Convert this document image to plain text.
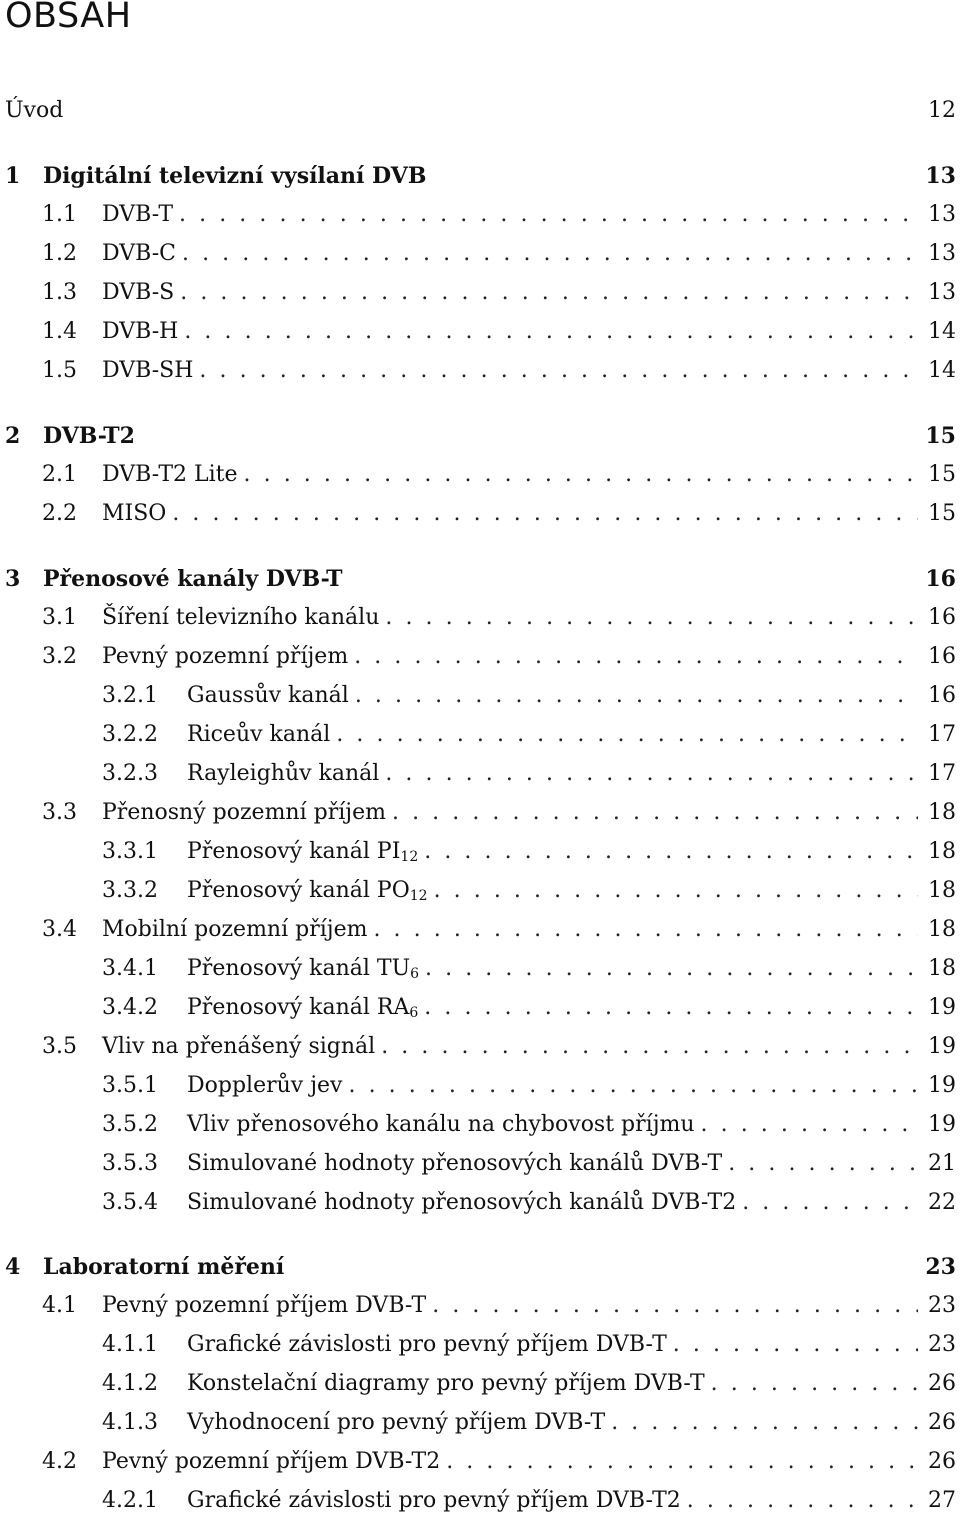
OBSAH
Úvod	12
1	Digitální televizní vysílaní DVB	13
1.1	DVB-T . . .	13
1.2	DVB-C . . .	13
1.3	DVB-S . . .	13
1.4	DVB-H . . .	14
1.5	DVB-SH . . .	14
2	DVB-T2	15
2.1	DVB-T2 Lite . . .	15
2.2	MISO . . .	15
3	Přenosové kanály DVB-T	16
3.1	Šíření televizního kanálu . . .	16
3.2	Pevný pozemní příjem . . .	16
3.2.1	Gaussův kanál . . .	16
3.2.2	Riceův kanál . . .	17
3.2.3	Rayleighův kanál . . .	17
3.3	Přenosný pozemní příjem . . .	18
3.3.1	Přenosový kanál $PI_{12}$ . . .	18
3.3.2	Přenosový kanál $PO_{12}$ . . .	18
3.4	Mobilní pozemní příjem . . .	18
3.4.1	Přenosový kanál $TU_6$ . . .	18
3.4.2	Přenosový kanál $RA_6$ . . .	19
3.5	Vliv na přenášený signál . . .	19
3.5.1	Dopplerův jev . . .	19
3.5.2	Vliv přenosového kanálu na chybovost příjmu . . .	19
3.5.3	Simulované hodnoty přenosových kanálů DVB-T . . .	21
3.5.4	Simulované hodnoty přenosových kanálů DVB-T2 . . .	22
4	Laboratorní měření	23
4.1	Pevný pozemní příjem DVB-T . . .	23
4.1.1	Grafické závislosti pro pevný příjem DVB-T . . .	23
4.1.2	Konstelační diagramy pro pevný příjem DVB-T . . .	26
4.1.3	Vyhodnocení pro pevný příjem DVB-T . . .	26
4.2	Pevný pozemní příjem DVB-T2 . . .	26
4.2.1	Grafické závislosti pro pevný příjem DVB-T2 . . .	27
